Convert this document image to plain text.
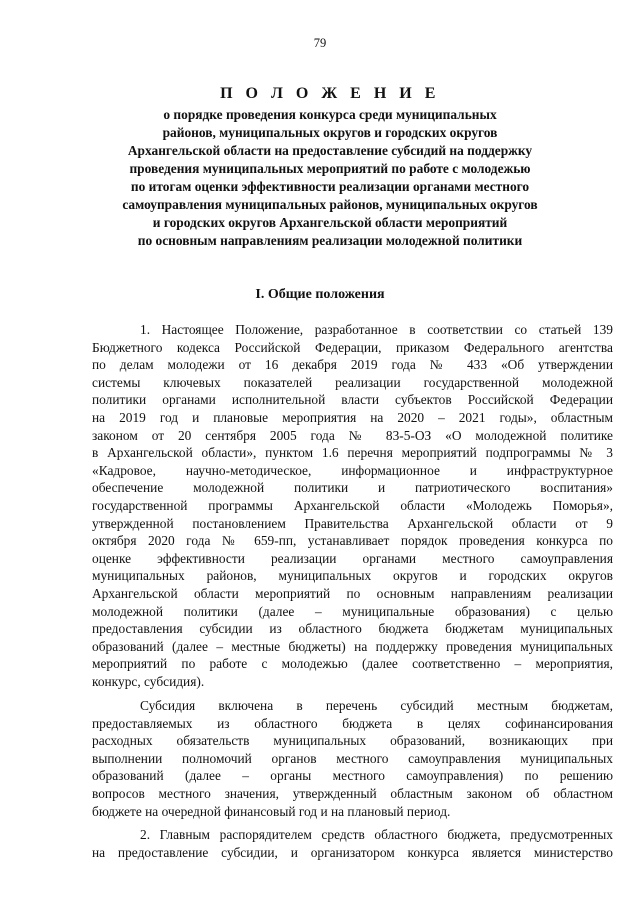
79
П О Л О Ж Е Н И Е
о порядке проведения конкурса среди муниципальных
районов, муниципальных округов и городских округов
Архангельской области на предоставление субсидий на поддержку
проведения муниципальных мероприятий по работе с молодежью
по итогам оценки эффективности реализации органами местного
самоуправления муниципальных районов, муниципальных округов
и городских округов Архангельской области мероприятий
по основным направлениям реализации молодежной политики
I. Общие положения
1. Настоящее Положение, разработанное в соответствии со статьей 139
Бюджетного кодекса Российской Федерации, приказом Федерального агентства
по делам молодежи от 16 декабря 2019 года № 433 «Об утверждении
системы ключевых показателей реализации государственной молодежной
политики органами исполнительной власти субъектов Российской Федерации
на 2019 год и плановые мероприятия на 2020 – 2021 годы», областным
законом от 20 сентября 2005 года № 83-5-ОЗ «О молодежной политике
в Архангельской области», пунктом 1.6 перечня мероприятий подпрограммы № 3
«Кадровое, научно-методическое, информационное и инфраструктурное
обеспечение молодежной политики и патриотического воспитания»
государственной программы Архангельской области «Молодежь Поморья»,
утвержденной постановлением Правительства Архангельской области от 9
октября 2020 года № 659-пп, устанавливает порядок проведения конкурса по
оценке эффективности реализации органами местного самоуправления
муниципальных районов, муниципальных округов и городских округов
Архангельской области мероприятий по основным направлениям реализации
молодежной политики (далее – муниципальные образования) с целью
предоставления субсидии из областного бюджета бюджетам муниципальных
образований (далее – местные бюджеты) на поддержку проведения муниципальных
мероприятий по работе с молодежью (далее соответственно – мероприятия,
конкурс, субсидия).
Субсидия включена в перечень субсидий местным бюджетам,
предоставляемых из областного бюджета в целях софинансирования
расходных обязательств муниципальных образований, возникающих при
выполнении полномочий органов местного самоуправления муниципальных
образований (далее – органы местного самоуправления) по решению
вопросов местного значения, утвержденный областным законом об областном
бюджете на очередной финансовый год и на плановый период.
2. Главным распорядителем средств областного бюджета, предусмотренных
на предоставление субсидии, и организатором конкурса является министерство
